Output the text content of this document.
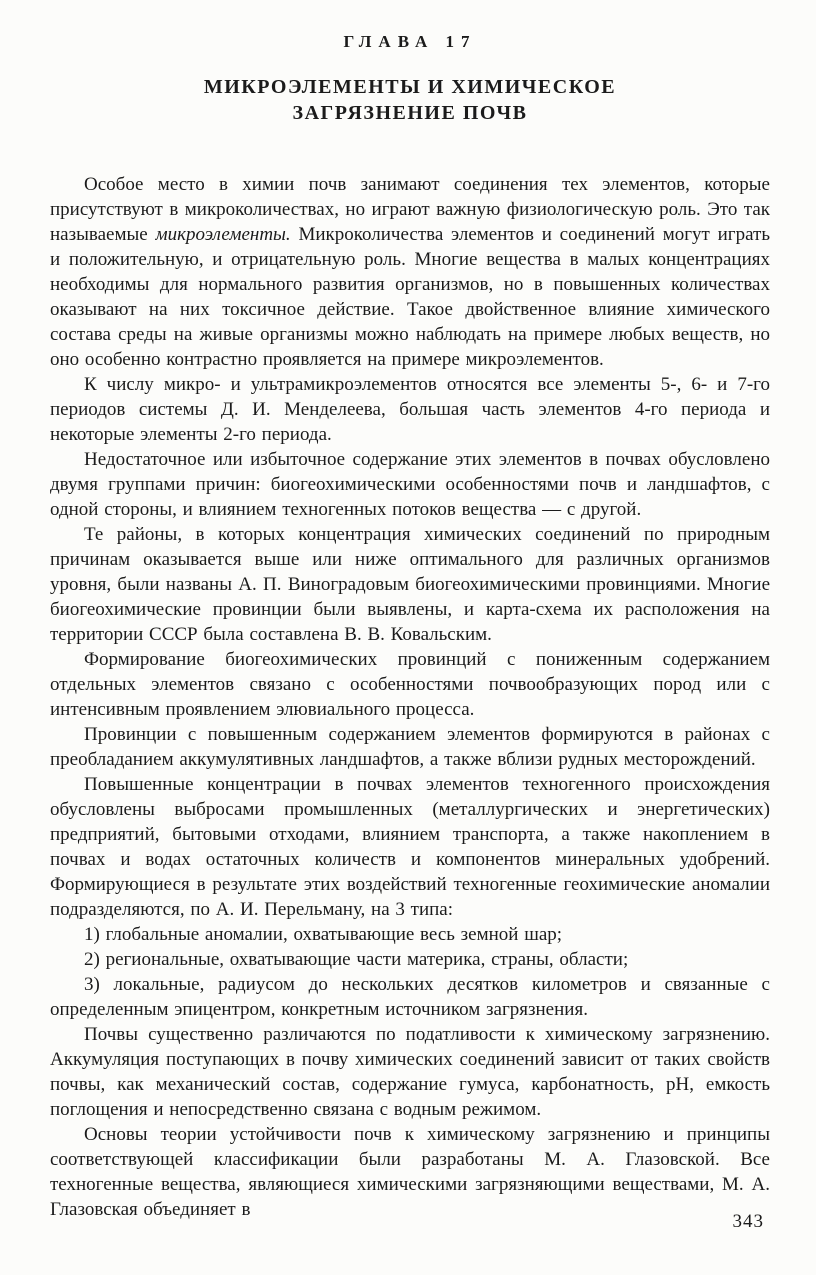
ГЛАВА 17
МИКРОЭЛЕМЕНТЫ И ХИМИЧЕСКОЕ
ЗАГРЯЗНЕНИЕ ПОЧВ

Особое место в химии почв занимают соединения тех элементов, которые присутствуют в микроколичествах, но играют важную физиологическую роль. Это так называемые микроэлементы. Микроколичества элементов и соединений могут играть и положительную, и отрицательную роль. Многие вещества в малых концентрациях необходимы для нормального развития организмов, но в повышенных количествах оказывают на них токсичное действие. Такое двойственное влияние химического состава среды на живые организмы можно наблюдать на примере любых веществ, но оно особенно контрастно проявляется на примере микроэлементов.

К числу микро- и ультрамикроэлементов относятся все элементы 5-, 6- и 7-го периодов системы Д. И. Менделеева, большая часть элементов 4-го периода и некоторые элементы 2-го периода.

Недостаточное или избыточное содержание этих элементов в почвах обусловлено двумя группами причин: биогеохимическими особенностями почв и ландшафтов, с одной стороны, и влиянием техногенных потоков вещества — с другой.

Те районы, в которых концентрация химических соединений по природным причинам оказывается выше или ниже оптимального для различных организмов уровня, были названы А. П. Виноградовым биогеохимическими провинциями. Многие биогеохимические провинции были выявлены, и карта-схема их расположения на территории СССР была составлена В. В. Ковальским.

Формирование биогеохимических провинций с пониженным содержанием отдельных элементов связано с особенностями почвообразующих пород или с интенсивным проявлением элювиального процесса.

Провинции с повышенным содержанием элементов формируются в районах с преобладанием аккумулятивных ландшафтов, а также вблизи рудных месторождений.

Повышенные концентрации в почвах элементов техногенного происхождения обусловлены выбросами промышленных (металлургических и энергетических) предприятий, бытовыми отходами, влиянием транспорта, а также накоплением в почвах и водах остаточных количеств и компонентов минеральных удобрений. Формирующиеся в результате этих воздействий техногенные геохимические аномалии подразделяются, по А. И. Перельману, на 3 типа:

1) глобальные аномалии, охватывающие весь земной шар;

2) региональные, охватывающие части материка, страны, области;

3) локальные, радиусом до нескольких десятков километров и связанные с определенным эпицентром, конкретным источником загрязнения.

Почвы существенно различаются по податливости к химическому загрязнению. Аккумуляция поступающих в почву химических соединений зависит от таких свойств почвы, как механический состав, содержание гумуса, карбонатность, pH, емкость поглощения и непосредственно связана с водным режимом.

Основы теории устойчивости почв к химическому загрязнению и принципы соответствующей классификации были разработаны М. А. Глазовской. Все техногенные вещества, являющиеся химическими загрязняющими веществами, М. А. Глазовская объединяет в

343
